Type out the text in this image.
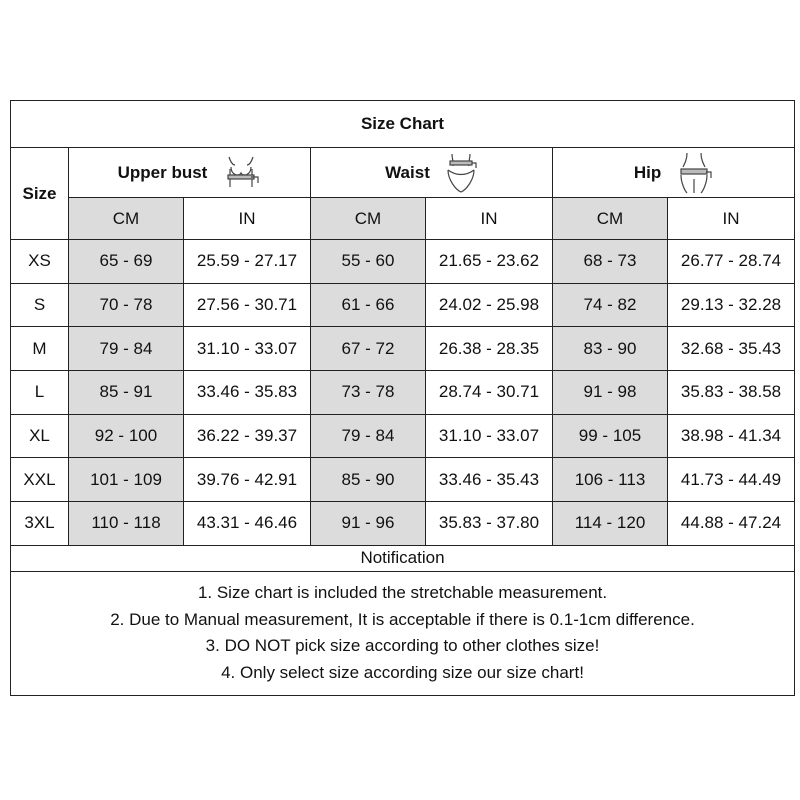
Size Chart						
Size	Upper bust		Waist		Hip	

	CM	IN	CM	IN	CM	IN
XS	65 - 69	25.59 - 27.17	55 - 60	21.65 - 23.62	68 - 73	26.77 - 28.74
S	70 - 78	27.56 - 30.71	61 - 66	24.02 - 25.98	74 - 82	29.13 - 32.28
M	79 - 84	31.10 - 33.07	67 - 72	26.38 - 28.35	83 - 90	32.68 - 35.43
L	85 - 91	33.46 - 35.83	73 - 78	28.74 - 30.71	91 - 98	35.83 - 38.58
XL	92 - 100	36.22 - 39.37	79 - 84	31.10 - 33.07	99 - 105	38.98 - 41.34
XXL	101 - 109	39.76 - 42.91	85 - 90	33.46 - 35.43	106 - 113	41.73 - 44.49
3XL	110 - 118	43.31 - 46.46	91 - 96	35.83 - 37.80	114 - 120	44.88 - 47.24
Notification						

1. Size chart is included the stretchable measurement.
2. Due to Manual measurement, It is acceptable if there is 0.1-1cm difference.
3. DO NOT pick size according to other clothes size!
4. Only select size according size our size chart!						
